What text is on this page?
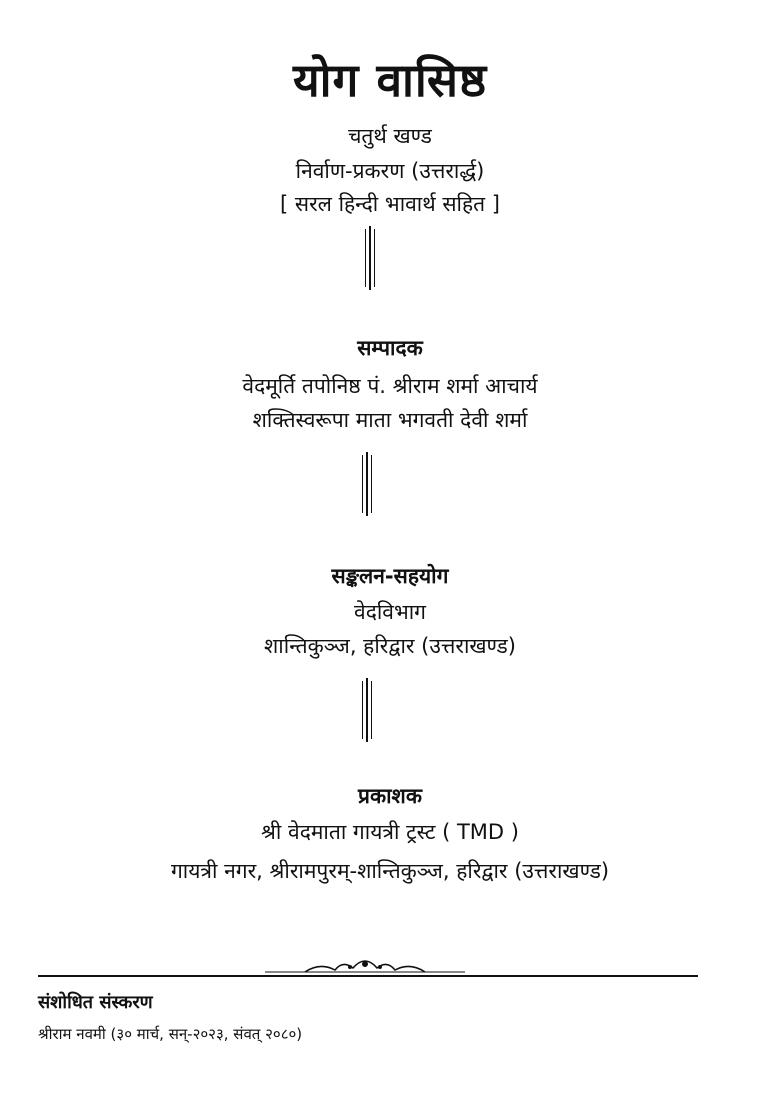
योग वासिष्ठ
चतुर्थ खण्ड
निर्वाण-प्रकरण (उत्तरार्द्ध)
[ सरल हिन्दी भावार्थ सहित ]
सम्पादक
वेदमूर्ति तपोनिष्ठ पं. श्रीराम शर्मा आचार्य
शक्तिस्वरूपा माता भगवती देवी शर्मा
सङ्कलन-सहयोग
वेदविभाग
शान्तिकुञ्ज, हरिद्वार (उत्तराखण्ड)
प्रकाशक
श्री वेदमाता गायत्री ट्रस्ट ( TMD )
गायत्री नगर, श्रीरामपुरम्-शान्तिकुञ्ज, हरिद्वार (उत्तराखण्ड)
संशोधित संस्करण
श्रीराम नवमी (३० मार्च, सन्-२०२३, संवत् २०८०)
